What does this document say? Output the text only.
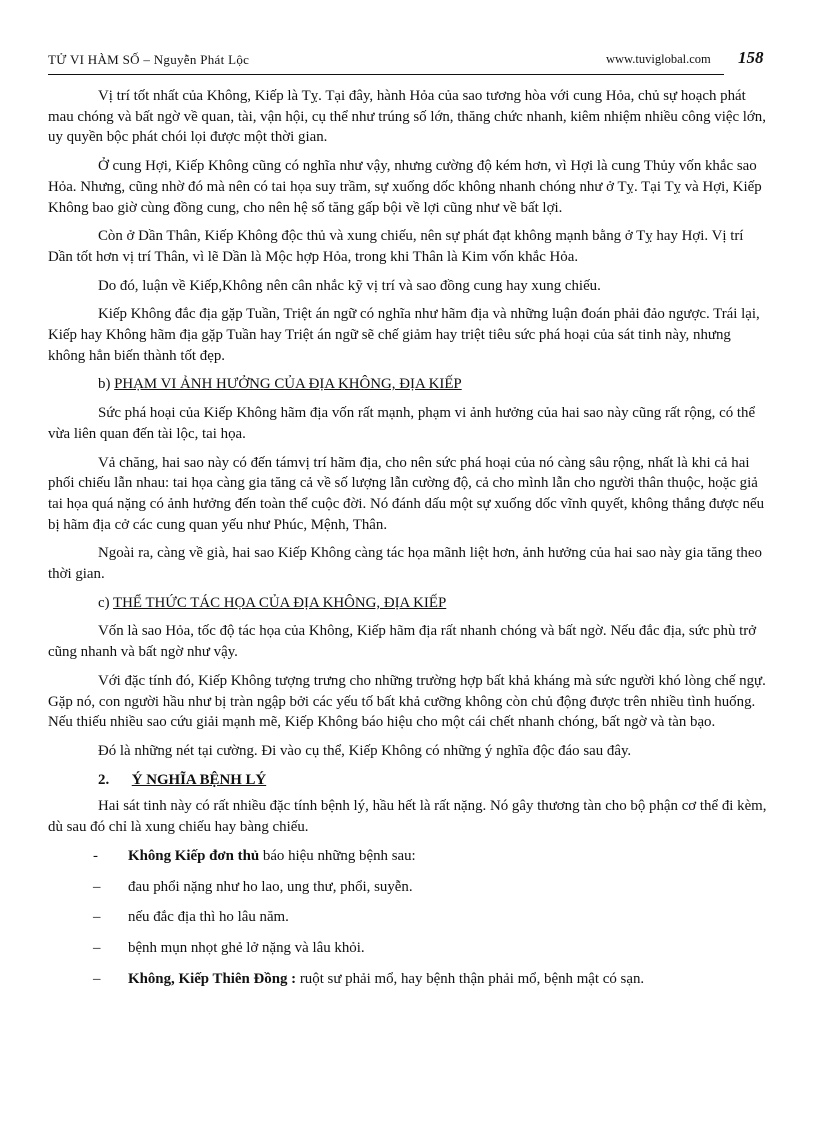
TỬ VI HÀM SỐ – Nguyễn Phát Lộc	www.tuviglobal.com 158

Vị trí tốt nhất của Không, Kiếp là Tỵ. Tại đây, hành Hỏa của sao tương hòa với cung Hỏa, chủ sự hoạch phát mau chóng và bất ngờ về quan, tài, vận hội, cụ thể như trúng số lớn, thăng chức nhanh, kiêm nhiệm nhiều công việc lớn, uy quyền bộc phát chói lọi được một thời gian.

Ở cung Hợi, Kiếp Không cũng có nghĩa như vậy, nhưng cường độ kém hơn, vì Hợi là cung Thủy vốn khắc sao Hỏa. Nhưng, cũng nhờ đó mà nên có tai họa suy trầm, sự xuống dốc không nhanh chóng như ở Tỵ. Tại Tỵ và Hợi, Kiếp Không bao giờ cùng đồng cung, cho nên hệ số tăng gấp bội về lợi cũng như về bất lợi.

Còn ở Dần Thân, Kiếp Không độc thủ và xung chiếu, nên sự phát đạt không mạnh bằng ở Tỵ hay Hợi. Vị trí Dần tốt hơn vị trí Thân, vì lẽ Dần là Mộc hợp Hỏa, trong khi Thân là Kim vốn khắc Hỏa.

Do đó, luận về Kiếp,Không nên cân nhắc kỹ vị trí và sao đồng cung hay xung chiếu.

Kiếp Không đắc địa gặp Tuần, Triệt án ngữ có nghĩa như hãm địa và những luận đoán phải đảo ngược. Trái lại, Kiếp hay Không hãm địa gặp Tuần hay Triệt án ngữ sẽ chế giảm hay triệt tiêu sức phá hoại của sát tinh này, nhưng không hẳn biến thành tốt đẹp.

b) PHẠM VI ẢNH HƯỞNG CỦA ĐỊA KHÔNG, ĐỊA KIẾP

Sức phá hoại của Kiếp Không hãm địa vốn rất mạnh, phạm vi ảnh hưởng của hai sao này cũng rất rộng, có thể vừa liên quan đến tài lộc, tai họa.

Vả chăng, hai sao này có đến támvị trí hãm địa, cho nên sức phá hoại của nó càng sâu rộng, nhất là khi cả hai phối chiếu lẫn nhau: tai họa càng gia tăng cả về số lượng lẫn cường độ, cả cho mình lẫn cho người thân thuộc, hoặc giả tai họa quá nặng có ảnh hưởng đến toàn thể cuộc đời. Nó đánh dấu một sự xuống dốc vĩnh quyết, không thắng được nếu bị hãm địa cở các cung quan yếu như Phúc, Mệnh, Thân.

Ngoài ra, càng về già, hai sao Kiếp Không càng tác họa mãnh liệt hơn, ảnh hưởng của hai sao này gia tăng theo thời gian.

c) THỂ THỨC TÁC HỌA CỦA ĐỊA KHÔNG, ĐỊA KIẾP

Vốn là sao Hỏa, tốc độ tác họa của Không, Kiếp hãm địa rất nhanh chóng và bất ngờ. Nếu đắc địa, sức phù trở cũng nhanh và bất ngờ như vậy.

Với đặc tính đó, Kiếp Không tượng trưng cho những trường hợp bất khả kháng mà sức người khó lòng chế ngự. Gặp nó, con người hầu như bị tràn ngập bởi các yếu tố bất khả cưỡng không còn chủ động được trên nhiều tình huống. Nếu thiếu nhiều sao cứu giải mạnh mẽ, Kiếp Không báo hiệu cho một cái chết nhanh chóng, bất ngờ và tàn bạo.

Đó là những nét tại cường. Đi vào cụ thể, Kiếp Không có những ý nghĩa độc đáo sau đây.

2. Ý NGHĨA BỆNH LÝ

Hai sát tinh này có rất nhiều đặc tính bệnh lý, hầu hết là rất nặng. Nó gây thương tàn cho bộ phận cơ thể đi kèm, dù sau đó chỉ là xung chiếu hay bàng chiếu.

- Không Kiếp đơn thủ báo hiệu những bệnh sau:
– đau phổi nặng như ho lao, ung thư, phổi, suyễn.
– nếu đắc địa thì ho lâu năm.
– bệnh mụn nhọt ghẻ lở nặng và lâu khỏi.
– Không, Kiếp Thiên Đồng : ruột sư phải mổ, hay bệnh thận phải mổ, bệnh mật có sạn.
